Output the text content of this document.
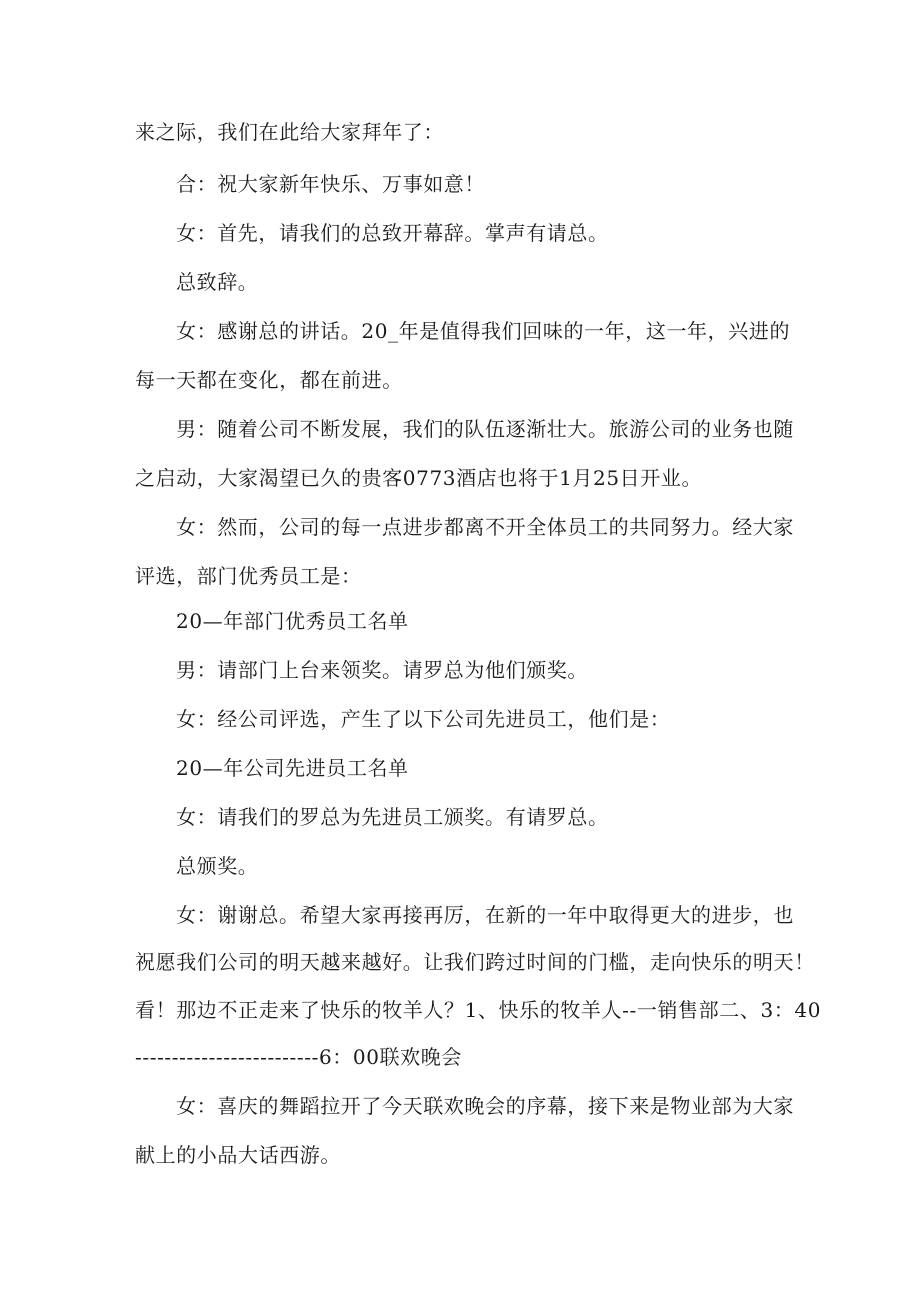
来之际，我们在此给大家拜年了：
合：祝大家新年快乐、万事如意！
女：首先，请我们的总致开幕辞。掌声有请总。
总致辞。
女：感谢总的讲话。20_年是值得我们回味的一年，这一年，兴进的
每一天都在变化，都在前进。
男：随着公司不断发展，我们的队伍逐渐壮大。旅游公司的业务也随
之启动，大家渴望已久的贵客0773酒店也将于1月25日开业。
女：然而，公司的每一点进步都离不开全体员工的共同努力。经大家
评选，部门优秀员工是：
20—年部门优秀员工名单
男：请部门上台来领奖。请罗总为他们颁奖。
女：经公司评选，产生了以下公司先进员工，他们是：
20—年公司先进员工名单
女：请我们的罗总为先进员工颁奖。有请罗总。
总颁奖。
女：谢谢总。希望大家再接再厉，在新的一年中取得更大的进步，也
祝愿我们公司的明天越来越好。让我们跨过时间的门槛，走向快乐的明天！
看！那边不正走来了快乐的牧羊人？1、快乐的牧羊人--一销售部二、3：40
-------------------------6：00联欢晚会
女：喜庆的舞蹈拉开了今天联欢晚会的序幕，接下来是物业部为大家
献上的小品大话西游。
